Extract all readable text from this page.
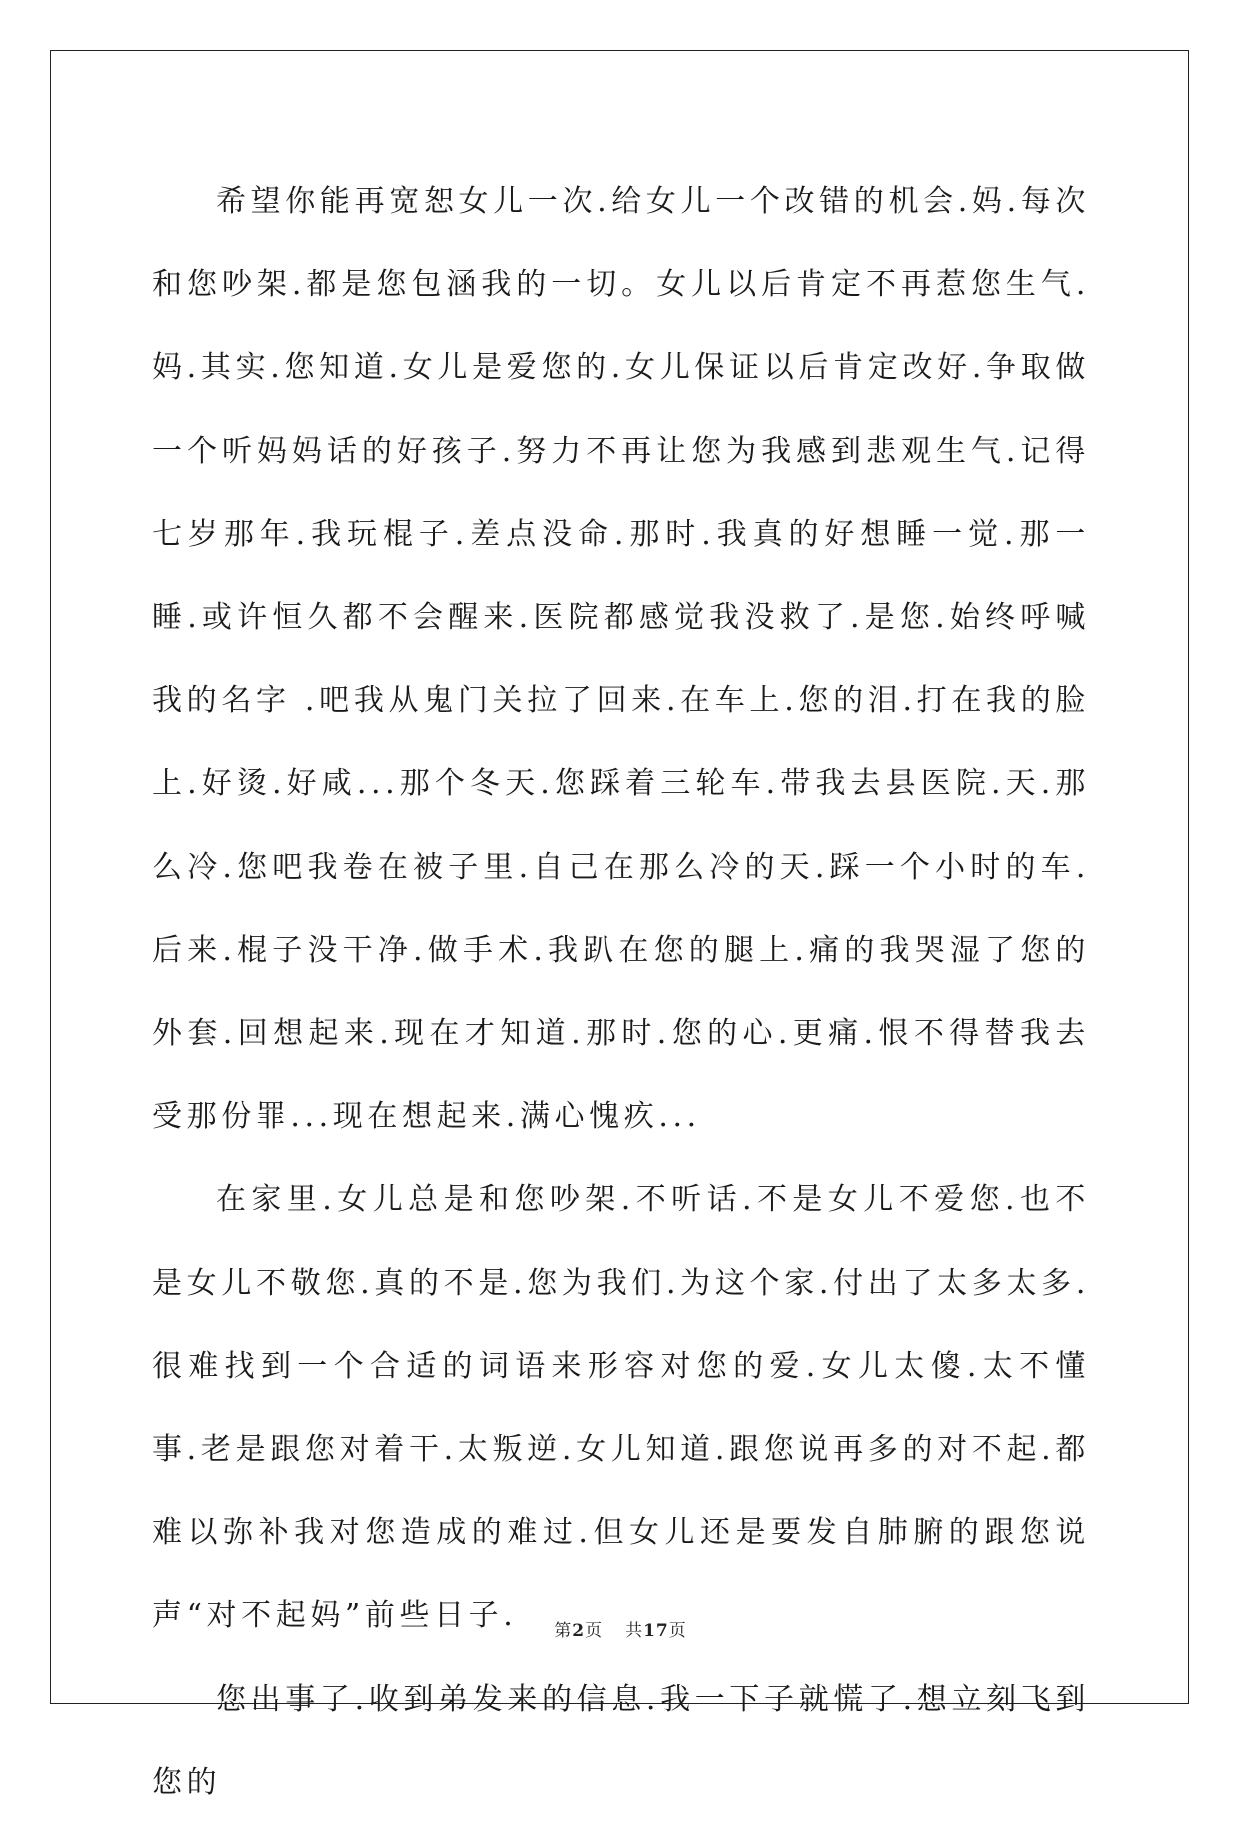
希望你能再宽恕女儿一次.给女儿一个改错的机会.妈.每次和您吵架.都是您包涵我的一切。女儿以后肯定不再惹您生气.妈.其实.您知道.女儿是爱您的.女儿保证以后肯定改好.争取做一个听妈妈话的好孩子.努力不再让您为我感到悲观生气.记得七岁那年.我玩棍子.差点没命.那时.我真的好想睡一觉.那一睡.或许恒久都不会醒来.医院都感觉我没救了.是您.始终呼喊我的名字 .吧我从鬼门关拉了回来.在车上.您的泪.打在我的脸上.好烫.好咸...那个冬天.您踩着三轮车.带我去县医院.天.那么冷.您吧我卷在被子里.自己在那么冷的天.踩一个小时的车.后来.棍子没干净.做手术.我趴在您的腿上.痛的我哭湿了您的外套.回想起来.现在才知道.那时.您的心.更痛.恨不得替我去受那份罪...现在想起来.满心愧疚...

在家里.女儿总是和您吵架.不听话.不是女儿不爱您.也不是女儿不敬您.真的不是.您为我们.为这个家.付出了太多太多.很难找到一个合适的词语来形容对您的爱.女儿太傻.太不懂事.老是跟您对着干.太叛逆.女儿知道.跟您说再多的对不起.都难以弥补我对您造成的难过.但女儿还是要发自肺腑的跟您说声“对不起妈”前些日子.

您出事了.收到弟发来的信息.我一下子就慌了.想立刻飞到您的

第2页 共17页
